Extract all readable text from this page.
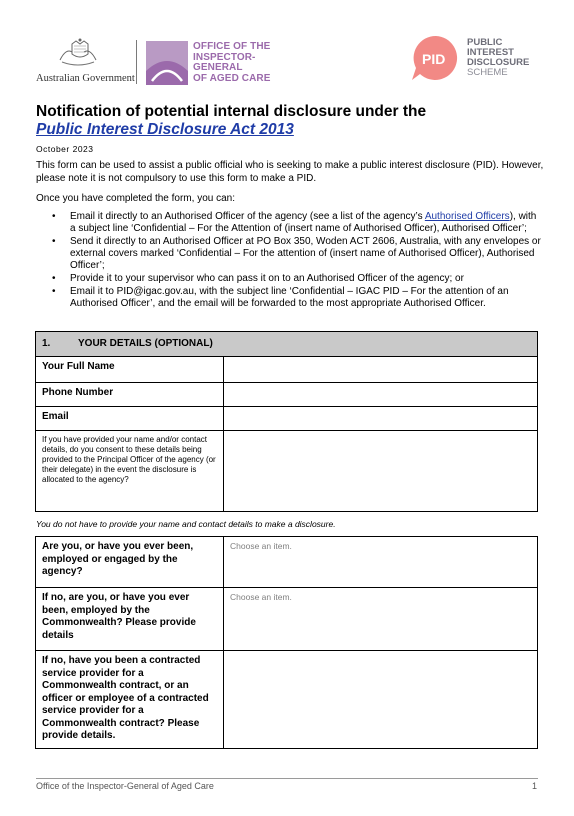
Australian Government
OFFICE OF THE
INSPECTOR-
GENERAL
OF AGED CARE
PID
PUBLIC
INTEREST
DISCLOSURE
SCHEME
Notification of potential internal disclosure under the
Public Interest Disclosure Act 2013
October 2023
This form can be used to assist a public official who is seeking to make a public interest disclosure (PID). However, please note it is not compulsory to use this form to make a PID.
Once you have completed the form, you can:
• Email it directly to an Authorised Officer of the agency (see a list of the agency’s Authorised Officers), with a subject line ‘Confidential – For the Attention of (insert name of Authorised Officer), Authorised Officer’;
• Send it directly to an Authorised Officer at PO Box 350, Woden ACT 2606, Australia, with any envelopes or external covers marked ‘Confidential – For the attention of (insert name of Authorised Officer), Authorised Officer’;
• Provide it to your supervisor who can pass it on to an Authorised Officer of the agency; or
• Email it to PID@igac.gov.au, with the subject line ‘Confidential – IGAC PID – For the attention of an Authorised Officer’, and the email will be forwarded to the most appropriate Authorised Officer.
1. YOUR DETAILS (OPTIONAL)	
Your Full Name	
Phone Number	
Email	
If you have provided your name and/or contact details, do you consent to these details being provided to the Principal Officer of the agency (or their delegate) in the event the disclosure is allocated to the agency?	
You do not have to provide your name and contact details to make a disclosure.
Are you, or have you ever been, employed or engaged by the agency?	Choose an item.
If no, are you, or have you ever been, employed by the Commonwealth? Please provide details	Choose an item.
If no, have you been a contracted service provider for a Commonwealth contract, or an officer or employee of a contracted service provider for a Commonwealth contract? Please provide details.	
Office of the Inspector-General of Aged Care	1
